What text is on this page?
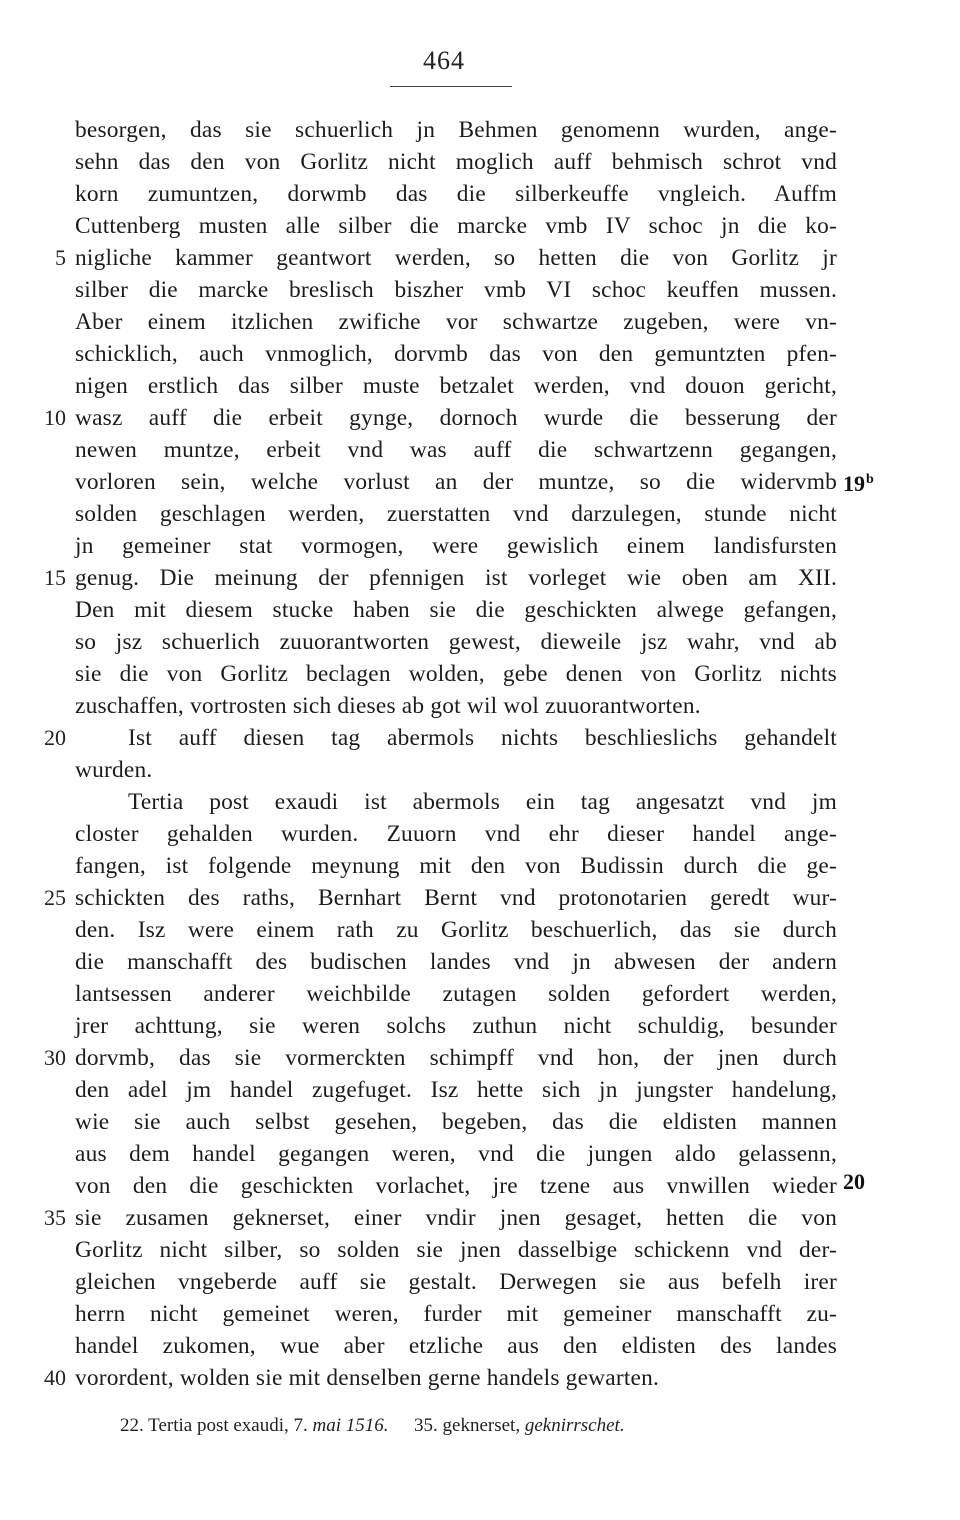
464
besorgen, das sie schuerlich jn Behmen genomenn wurden, ange-
sehn das den von Gorlitz nicht moglich auff behmisch schrot vnd
korn zumuntzen, dorwmb das die silberkeuffe vngleich. Auffm
Cuttenberg musten alle silber die marcke vmb IV schoc jn die ko-
nigliche kammer geantwort werden, so hetten die von Gorlitz jr
silber die marcke breslisch biszher vmb VI schoc keuffen mussen.
Aber einem itzlichen zwifiche vor schwartze zugeben, were vn-
schicklich, auch vnmoglich, dorvmb das von den gemuntzten pfen-
nigen erstlich das silber muste betzalet werden, vnd douon gericht,
wasz auff die erbeit gynge, dornoch wurde die besserung der
newen muntze, erbeit vnd was auff die schwartzenn gegangen,
vorloren sein, welche vorlust an der muntze, so die widervmb
solden geschlagen werden, zuerstatten vnd darzulegen, stunde nicht
jn gemeiner stat vormogen, were gewislich einem landisfursten
genug. Die meinung der pfennigen ist vorleget wie oben am XII.
Den mit diesem stucke haben sie die geschickten alwege gefangen,
so jsz schuerlich zuuorantworten gewest, dieweile jsz wahr, vnd ab
sie die von Gorlitz beclagen wolden, gebe denen von Gorlitz nichts
zuschaffen, vortrosten sich dieses ab got wil wol zuuorantworten.
Ist auff diesen tag abermols nichts beschlieslichs gehandelt
wurden.
Tertia post exaudi ist abermols ein tag angesatzt vnd jm
closter gehalden wurden. Zuuorn vnd ehr dieser handel ange-
fangen, ist folgende meynung mit den von Budissin durch die ge-
schickten des raths, Bernhart Bernt vnd protonotarien geredt wur-
den. Isz were einem rath zu Gorlitz beschuerlich, das sie durch
die manschafft des budischen landes vnd jn abwesen der andern
lantsessen anderer weichbilde zutagen solden gefordert werden,
jrer achttung, sie weren solchs zuthun nicht schuldig, besunder
dorvmb, das sie vormerckten schimpff vnd hon, der jnen durch
den adel jm handel zugefuget. Isz hette sich jn jungster handelung,
wie sie auch selbst gesehen, begeben, das die eldisten mannen
aus dem handel gegangen weren, vnd die jungen aldo gelassenn,
von den die geschickten vorlachet, jre tzene aus vnwillen wieder
sie zusamen geknerset, einer vndir jnen gesaget, hetten die von
Gorlitz nicht silber, so solden sie jnen dasselbige schickenn vnd der-
gleichen vngeberde auff sie gestalt. Derwegen sie aus befelh irer
herrn nicht gemeinet weren, furder mit gemeiner manschafft zu-
handel zukomen, wue aber etzliche aus den eldisten des landes
vorordent, wolden sie mit denselben gerne handels gewarten.
5
10
15
20
25
30
35
40
19$^b$
20
22. Tertia post exaudi, 7. mai 1516. 35. geknerset, geknirrschet.
